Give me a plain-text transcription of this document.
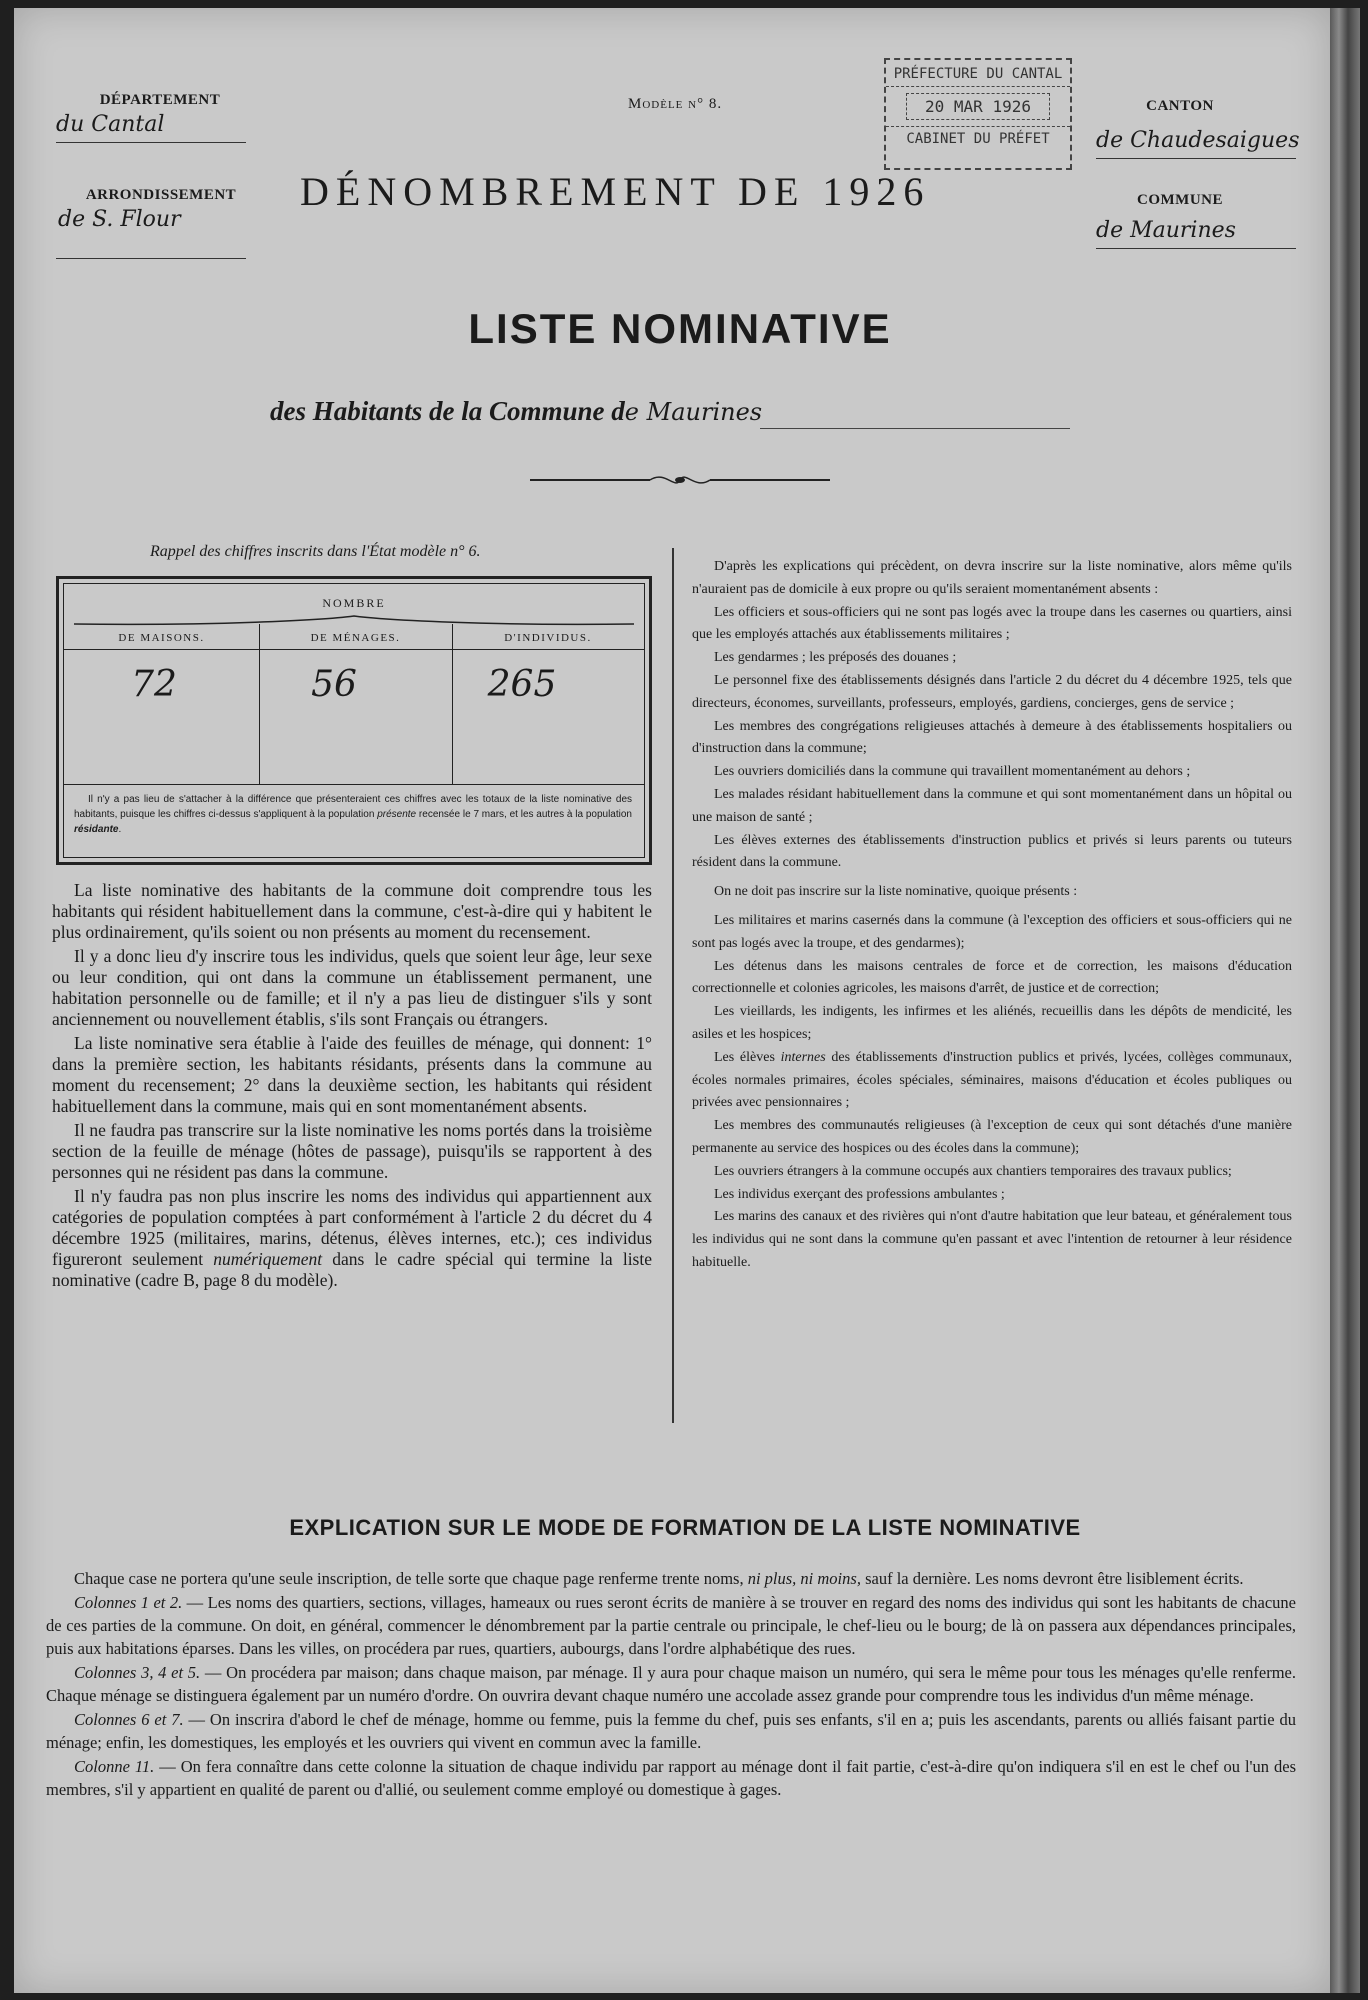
DÉPARTEMENT
du Cantal
ARRONDISSEMENT
de S. Flour
Modèle n° 8.
PRÉFECTURE DU CANTAL
20 MAR 1926
CABINET DU PRÉFET
CANTON
de Chaudesaigues
COMMUNE
de Maurines
DÉNOMBREMENT DE 1926
LISTE NOMINATIVE
des Habitants de la Commune de Maurines
Rappel des chiffres inscrits dans l'État modèle n° 6.
NOMBRE
DE MAISONS.	DE MÉNAGES.	D'INDIVIDUS.
72	56	265
Il n'y a pas lieu de s'attacher à la différence que présenteraient ces chiffres avec les totaux de la liste nominative des habitants, puisque les chiffres ci-dessus s'appliquent à la population présente recensée le 7 mars, et les autres à la population résidante.

La liste nominative des habitants de la commune doit comprendre tous les habitants qui résident habituellement dans la commune, c'est-à-dire qui y habitent le plus ordinairement, qu'ils soient ou non présents au moment du recensement.

Il y a donc lieu d'y inscrire tous les individus, quels que soient leur âge, leur sexe ou leur condition, qui ont dans la commune un établissement permanent, une habitation personnelle ou de famille; et il n'y a pas lieu de distinguer s'ils y sont anciennement ou nouvellement établis, s'ils sont Français ou étrangers.

La liste nominative sera établie à l'aide des feuilles de ménage, qui donnent: 1° dans la première section, les habitants résidants, présents dans la commune au moment du recensement; 2° dans la deuxième section, les habitants qui résident habituellement dans la commune, mais qui en sont momentanément absents.

Il ne faudra pas transcrire sur la liste nominative les noms portés dans la troisième section de la feuille de ménage (hôtes de passage), puisqu'ils se rapportent à des personnes qui ne résident pas dans la commune.

Il n'y faudra pas non plus inscrire les noms des individus qui appartiennent aux catégories de population comptées à part conformément à l'article 2 du décret du 4 décembre 1925 (militaires, marins, détenus, élèves internes, etc.); ces individus figureront seulement numériquement dans le cadre spécial qui termine la liste nominative (cadre B, page 8 du modèle).

D'après les explications qui précèdent, on devra inscrire sur la liste nominative, alors même qu'ils n'auraient pas de domicile à eux propre ou qu'ils seraient momentanément absents :

Les officiers et sous-officiers qui ne sont pas logés avec la troupe dans les casernes ou quartiers, ainsi que les employés attachés aux établissements militaires ;

Les gendarmes ; les préposés des douanes ;

Le personnel fixe des établissements désignés dans l'article 2 du décret du 4 décembre 1925, tels que directeurs, économes, surveillants, professeurs, employés, gardiens, concierges, gens de service ;

Les membres des congrégations religieuses attachés à demeure à des établissements hospitaliers ou d'instruction dans la commune;

Les ouvriers domiciliés dans la commune qui travaillent momentanément au dehors ;

Les malades résidant habituellement dans la commune et qui sont momentanément dans un hôpital ou une maison de santé ;

Les élèves externes des établissements d'instruction publics et privés si leurs parents ou tuteurs résident dans la commune.

On ne doit pas inscrire sur la liste nominative, quoique présents :

Les militaires et marins casernés dans la commune (à l'exception des officiers et sous-officiers qui ne sont pas logés avec la troupe, et des gendarmes);

Les détenus dans les maisons centrales de force et de correction, les maisons d'éducation correctionnelle et colonies agricoles, les maisons d'arrêt, de justice et de correction;

Les vieillards, les indigents, les infirmes et les aliénés, recueillis dans les dépôts de mendicité, les asiles et les hospices;

Les élèves internes des établissements d'instruction publics et privés, lycées, collèges communaux, écoles normales primaires, écoles spéciales, séminaires, maisons d'éducation et écoles publiques ou privées avec pensionnaires ;

Les membres des communautés religieuses (à l'exception de ceux qui sont détachés d'une manière permanente au service des hospices ou des écoles dans la commune);

Les ouvriers étrangers à la commune occupés aux chantiers temporaires des travaux publics;

Les individus exerçant des professions ambulantes ;

Les marins des canaux et des rivières qui n'ont d'autre habitation que leur bateau, et généralement tous les individus qui ne sont dans la commune qu'en passant et avec l'intention de retourner à leur résidence habituelle.

EXPLICATION SUR LE MODE DE FORMATION DE LA LISTE NOMINATIVE

Chaque case ne portera qu'une seule inscription, de telle sorte que chaque page renferme trente noms, ni plus, ni moins, sauf la dernière. Les noms devront être lisiblement écrits.

Colonnes 1 et 2. — Les noms des quartiers, sections, villages, hameaux ou rues seront écrits de manière à se trouver en regard des noms des individus qui sont les habitants de chacune de ces parties de la commune. On doit, en général, commencer le dénombrement par la partie centrale ou principale, le chef-lieu ou le bourg; de là on passera aux dépendances principales, puis aux habitations éparses. Dans les villes, on procédera par rues, quartiers, aubourgs, dans l'ordre alphabétique des rues.

Colonnes 3, 4 et 5. — On procédera par maison; dans chaque maison, par ménage. Il y aura pour chaque maison un numéro, qui sera le même pour tous les ménages qu'elle renferme. Chaque ménage se distinguera également par un numéro d'ordre. On ouvrira devant chaque numéro une accolade assez grande pour comprendre tous les individus d'un même ménage.

Colonnes 6 et 7. — On inscrira d'abord le chef de ménage, homme ou femme, puis la femme du chef, puis ses enfants, s'il en a; puis les ascendants, parents ou alliés faisant partie du ménage; enfin, les domestiques, les employés et les ouvriers qui vivent en commun avec la famille.

Colonne 11. — On fera connaître dans cette colonne la situation de chaque individu par rapport au ménage dont il fait partie, c'est-à-dire qu'on indiquera s'il en est le chef ou l'un des membres, s'il y appartient en qualité de parent ou d'allié, ou seulement comme employé ou domestique à gages.
